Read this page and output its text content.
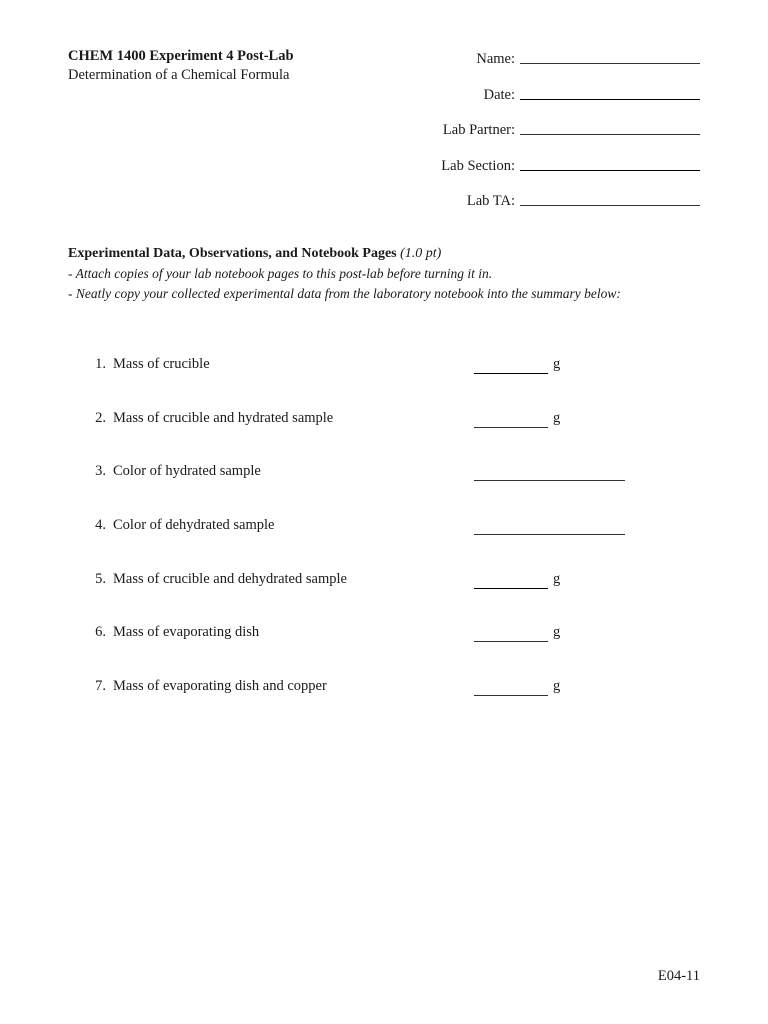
CHEM 1400 Experiment 4 Post-Lab
Determination of a Chemical Formula
Name:
Date:
Lab Partner:
Lab Section:
Lab TA:
Experimental Data, Observations, and Notebook Pages (1.0 pt)
- Attach copies of your lab notebook pages to this post-lab before turning it in.
- Neatly copy your collected experimental data from the laboratory notebook into the summary below:
1. Mass of crucible	g
2. Mass of crucible and hydrated sample	g
3. Color of hydrated sample
4. Color of dehydrated sample
5. Mass of crucible and dehydrated sample	g
6. Mass of evaporating dish	g
7. Mass of evaporating dish and copper	g
E04-11
